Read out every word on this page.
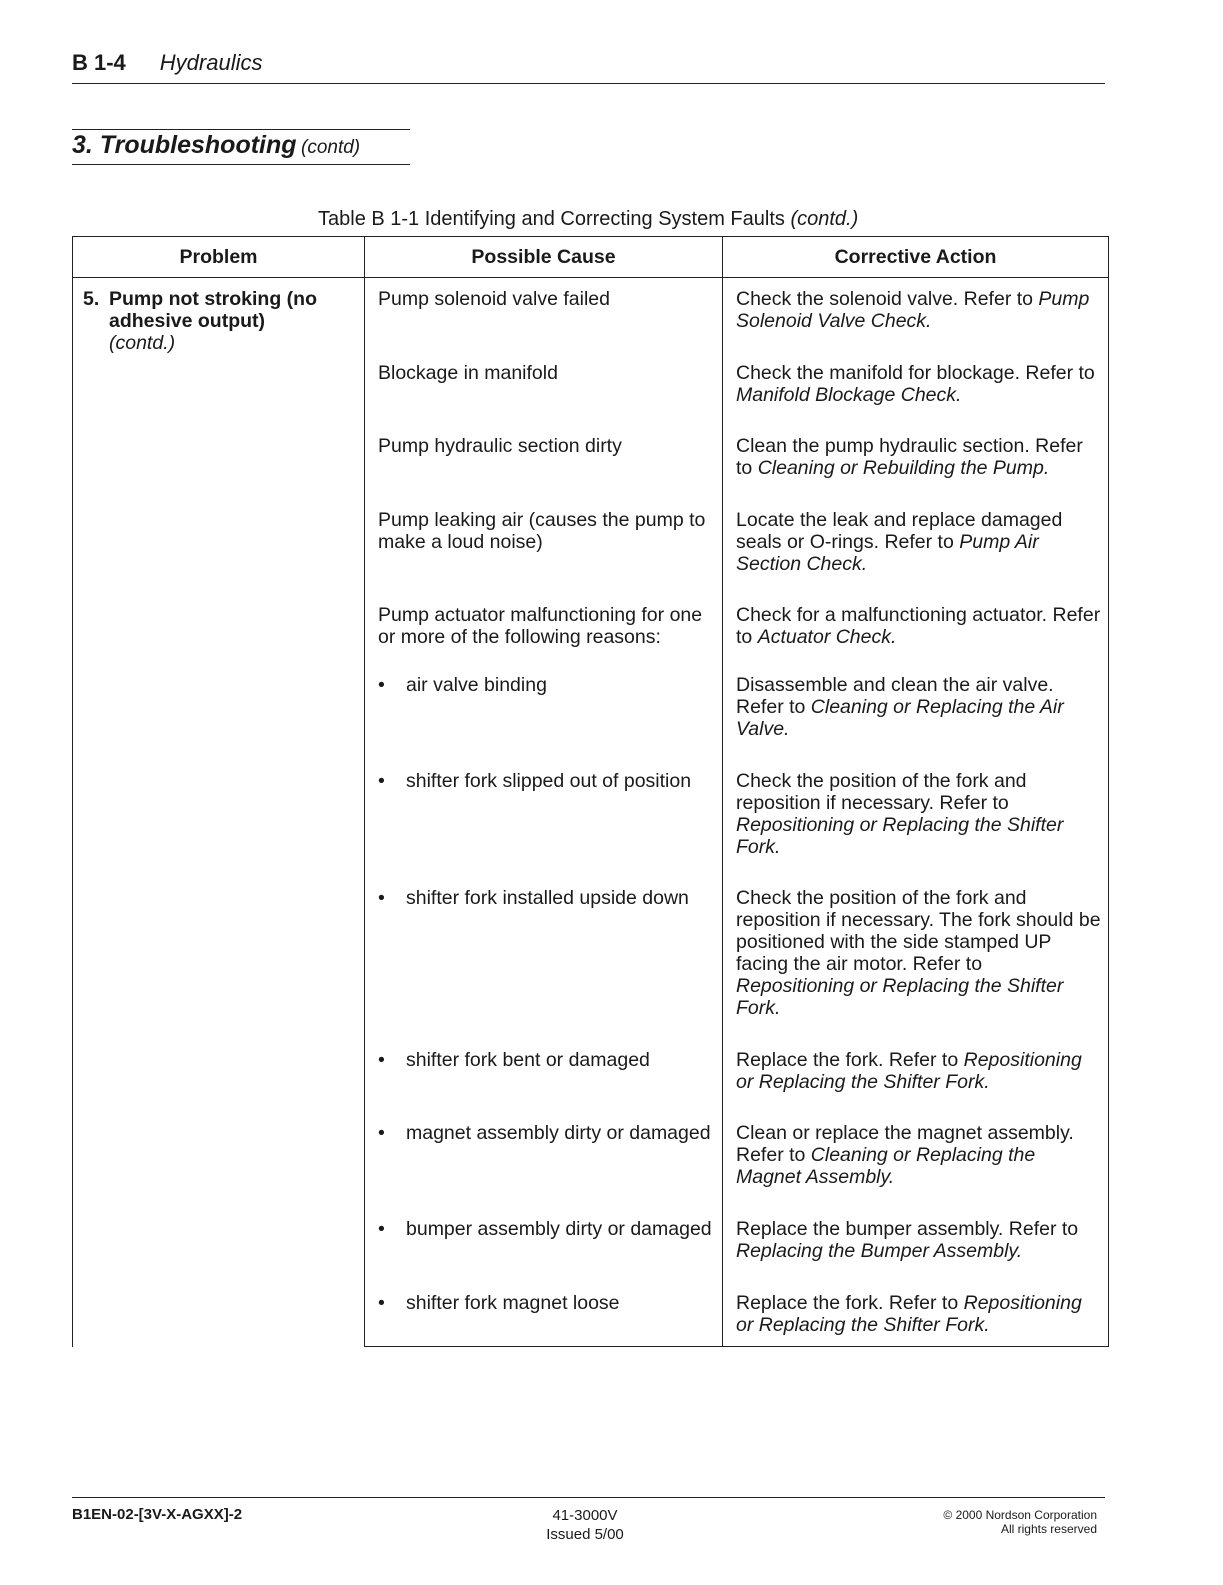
B 1-4 Hydraulics
3. Troubleshooting (contd)
Table B 1-1 Identifying and Correcting System Faults (contd.)
Problem	Possible Cause	Corrective Action

5. Pump not stroking (no adhesive output)
(contd.)	Pump solenoid valve failed	Check the solenoid valve. Refer to Pump Solenoid Valve Check.
	Blockage in manifold	Check the manifold for blockage. Refer to Manifold Blockage Check.
	Pump hydraulic section dirty	Clean the pump hydraulic section. Refer to Cleaning or Rebuilding the Pump.
	Pump leaking air (causes the pump to make a loud noise)	Locate the leak and replace damaged seals or O-rings. Refer to Pump Air Section Check.
	Pump actuator malfunctioning for one or more of the following reasons:	Check for a malfunctioning actuator. Refer to Actuator Check.

	• air valve binding	Disassemble and clean the air valve. Refer to Cleaning or Replacing the Air Valve.

	• shifter fork slipped out of position	Check the position of the fork and reposition if necessary. Refer to Repositioning or Replacing the Shifter Fork.

	• shifter fork installed upside down	Check the position of the fork and reposition if necessary. The fork should be positioned with the side stamped UP facing the air motor. Refer to Repositioning or Replacing the Shifter Fork.

	• shifter fork bent or damaged	Replace the fork. Refer to Repositioning or Replacing the Shifter Fork.

	• magnet assembly dirty or damaged	Clean or replace the magnet assembly. Refer to Cleaning or Replacing the Magnet Assembly.

	• bumper assembly dirty or damaged	Replace the bumper assembly. Refer to Replacing the Bumper Assembly.

	• shifter fork magnet loose	Replace the fork. Refer to Repositioning or Replacing the Shifter Fork.
B1EN-02-[3V-X-AGXX]-2	41-3000V
Issued 5/00
© 2000 Nordson Corporation
All rights reserved
